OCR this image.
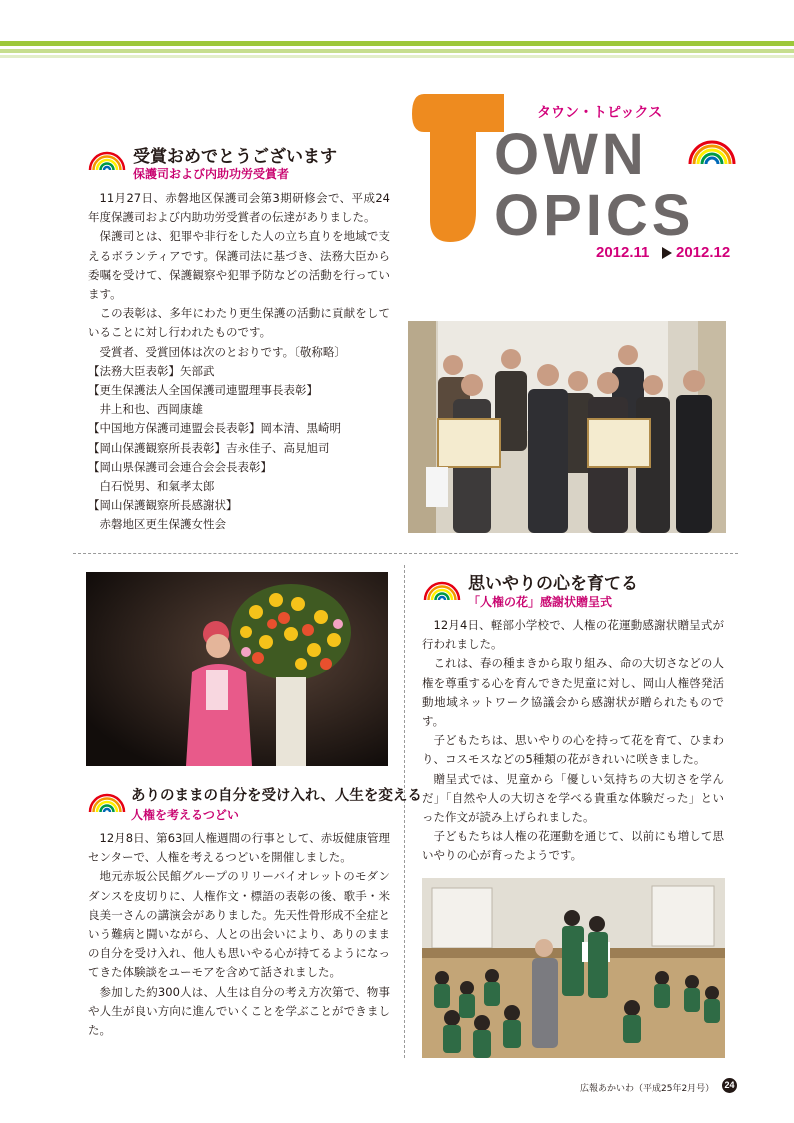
タウン・トピックス
OWN
OPICS
2012.11 2012.12
受賞おめでとうございます
保護司および内助功労受賞者

11月27日、赤磐地区保護司会第3期研修会で、平成24年度保護司および内助功労受賞者の伝達がありました。

保護司とは、犯罪や非行をした人の立ち直りを地域で支えるボランティアです。保護司法に基づき、法務大臣から委嘱を受けて、保護観察や犯罪予防などの活動を行っています。

この表彰は、多年にわたり更生保護の活動に貢献をしていることに対し行われたものです。

受賞者、受賞団体は次のとおりです。〔敬称略〕

【法務大臣表彰】矢部武
【更生保護法人全国保護司連盟理事長表彰】
井上和也、西岡康雄
【中国地方保護司連盟会長表彰】岡本清、黒崎明
【岡山保護観察所長表彰】吉永佳子、高見旭司
【岡山県保護司会連合会会長表彰】
白石悦男、和氣孝太郎
【岡山保護観察所長感謝状】
赤磐地区更生保護女性会
ありのままの自分を受け入れ、人生を変える
人権を考えるつどい

12月8日、第63回人権週間の行事として、赤坂健康管理センターで、人権を考えるつどいを開催しました。

地元赤坂公民館グループのリリーバイオレットのモダンダンスを皮切りに、人権作文・標語の表彰の後、歌手・米良美一さんの講演会がありました。先天性骨形成不全症という難病と闘いながら、人との出会いにより、ありのままの自分を受け入れ、他人も思いやる心が持てるようになってきた体験談をユーモアを含めて話されました。

参加した約300人は、人生は自分の考え方次第で、物事や人生が良い方向に進んでいくことを学ぶことができました。

思いやりの心を育てる
「人権の花」感謝状贈呈式

12月4日、軽部小学校で、人権の花運動感謝状贈呈式が行われました。

これは、春の種まきから取り組み、命の大切さなどの人権を尊重する心を育んできた児童に対し、岡山人権啓発活動地域ネットワーク協議会から感謝状が贈られたものです。

子どもたちは、思いやりの心を持って花を育て、ひまわり、コスモスなどの5種類の花がきれいに咲きました。

贈呈式では、児童から「優しい気持ちの大切さを学んだ」「自然や人の大切さを学べる貴重な体験だった」といった作文が読み上げられました。

子どもたちは人権の花運動を通じて、以前にも増して思いやりの心が育ったようです。

広報あかいわ（平成25年2月号） 24
